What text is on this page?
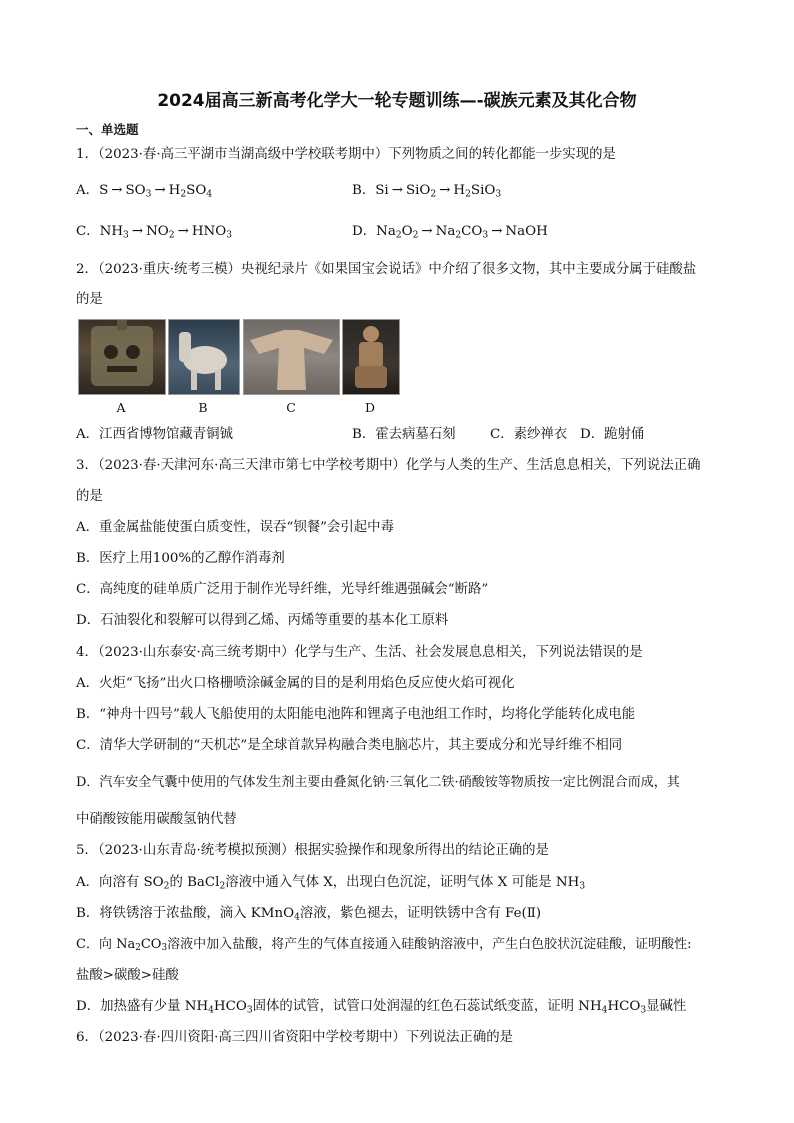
2024届高三新高考化学大一轮专题训练—-碳族元素及其化合物
一、单选题
1．（2023·春·高三平湖市当湖高级中学校联考期中）下列物质之间的转化都能一步实现的是
A．$S \to SO_3 \to H_2SO_4$	B．$Si \to SiO_2 \to H_2SiO_3$
C．$NH_3 \to NO_2 \to HNO_3$	D．$Na_2O_2 \to Na_2CO_3$ → NaOH
2．（2023·重庆·统考三模）央视纪录片《如果国宝会说话》中介绍了很多文物，其中主要成分属于硅酸盐
的是
A	B	C	D
A．江西省博物馆藏青铜铖	B．霍去病墓石刻	C．素纱禅衣 D．跪射俑
3．（2023·春·天津河东·高三天津市第七中学校考期中）化学与人类的生产、生活息息相关，下列说法正确
的是
A．重金属盐能使蛋白质变性，误吞“钡餐”会引起中毒
B．医疗上用100%的乙醇作消毒剂
C．高纯度的硅单质广泛用于制作光导纤维，光导纤维遇强碱会“断路”
D．石油裂化和裂解可以得到乙烯、丙烯等重要的基本化工原料
4．（2023·山东泰安·高三统考期中）化学与生产、生活、社会发展息息相关，下列说法错误的是
A．火炬“飞扬”出火口格栅喷涂碱金属的目的是利用焰色反应使火焰可视化
B．“神舟十四号”载人飞船使用的太阳能电池阵和锂离子电池组工作时，均将化学能转化成电能
C．清华大学研制的“天机芯”是全球首款异构融合类电脑芯片，其主要成分和光导纤维不相同
D．汽车安全气囊中使用的气体发生剂主要由叠氮化钠·三氧化二铁·硝酸铵等物质按一定比例混合而成，其
中硝酸铵能用碳酸氢钠代替
5．（2023·山东青岛·统考模拟预测）根据实验操作和现象所得出的结论正确的是
A．向溶有 $SO_2$的 BaCl$_2$溶液中通入气体 X，出现白色沉淀，证明气体 X 可能是 $NH_3$
B．将铁锈溶于浓盐酸，滴入 KMnO$_4$溶液，紫色褪去，证明铁锈中含有 Fe(Ⅱ)
C．向 $Na_2CO_3$溶液中加入盐酸，将产生的气体直接通入硅酸钠溶液中，产生白色胶状沉淀硅酸，证明酸性:
盐酸>碳酸>硅酸
D．加热盛有少量 $NH_4HCO_3$固体的试管，试管口处润湿的红色石蕊试纸变蓝，证明 $NH_4HCO_3$显碱性
6．（2023·春·四川资阳·高三四川省资阳中学校考期中）下列说法正确的是
